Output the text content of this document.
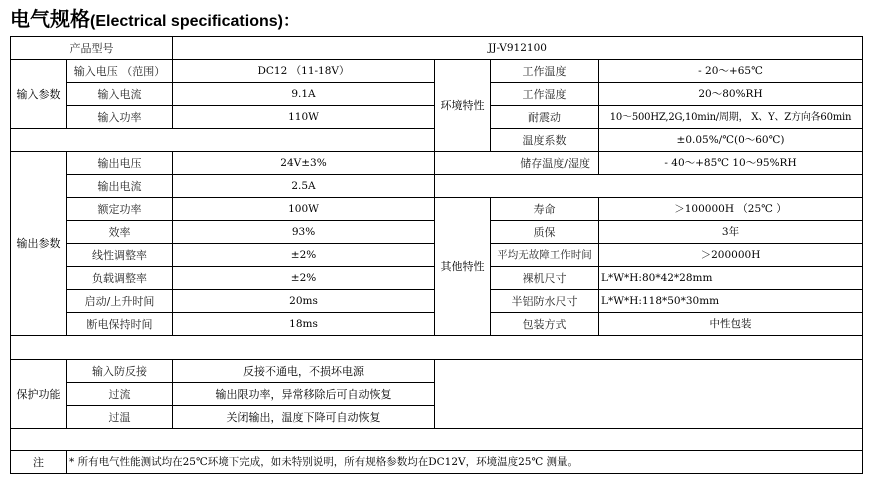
电气规格(Electrical specifications)：
产品型号		JJ-V912100			
输入参数	输入电压 （范围）	DC12 （11-18V）	环境特性	工作温度	- 20～+65℃
	输入电流	9.1A		工作湿度	20～80%RH
	输入功率	110W		耐震动	10～500HZ,2G,10min/周期， X、Y、Z方向各60min
				温度系数	±0.05%/℃(0～60℃)
输出参数	输出电压	24V±3%	储存温度/湿度		- 40～+85℃ 10～95%RH
	输出电流	2.5A			
	额定功率	100W	其他特性	寿命	＞100000H （25℃ ）
	效率	93%		质保	3年
	线性调整率	±2%		平均无故障工作时间	＞200000H
	负载调整率	±2%		裸机尺寸	L*W*H:80*42*28mm
	启动/上升时间	20ms		半铝防水尺寸	L*W*H:118*50*30mm
	断电保持时间	18ms		包装方式	中性包装

保护功能	输入防反接	反接不通电，不损坏电源			
	过流	输出限功率，异常移除后可自动恢复			
	过温	关闭输出，温度下降可自动恢复			

注	* 所有电气性能测试均在25℃环境下完成，如未特别说明，所有规格参数均在DC12V，环境温度25℃ 测量。				
